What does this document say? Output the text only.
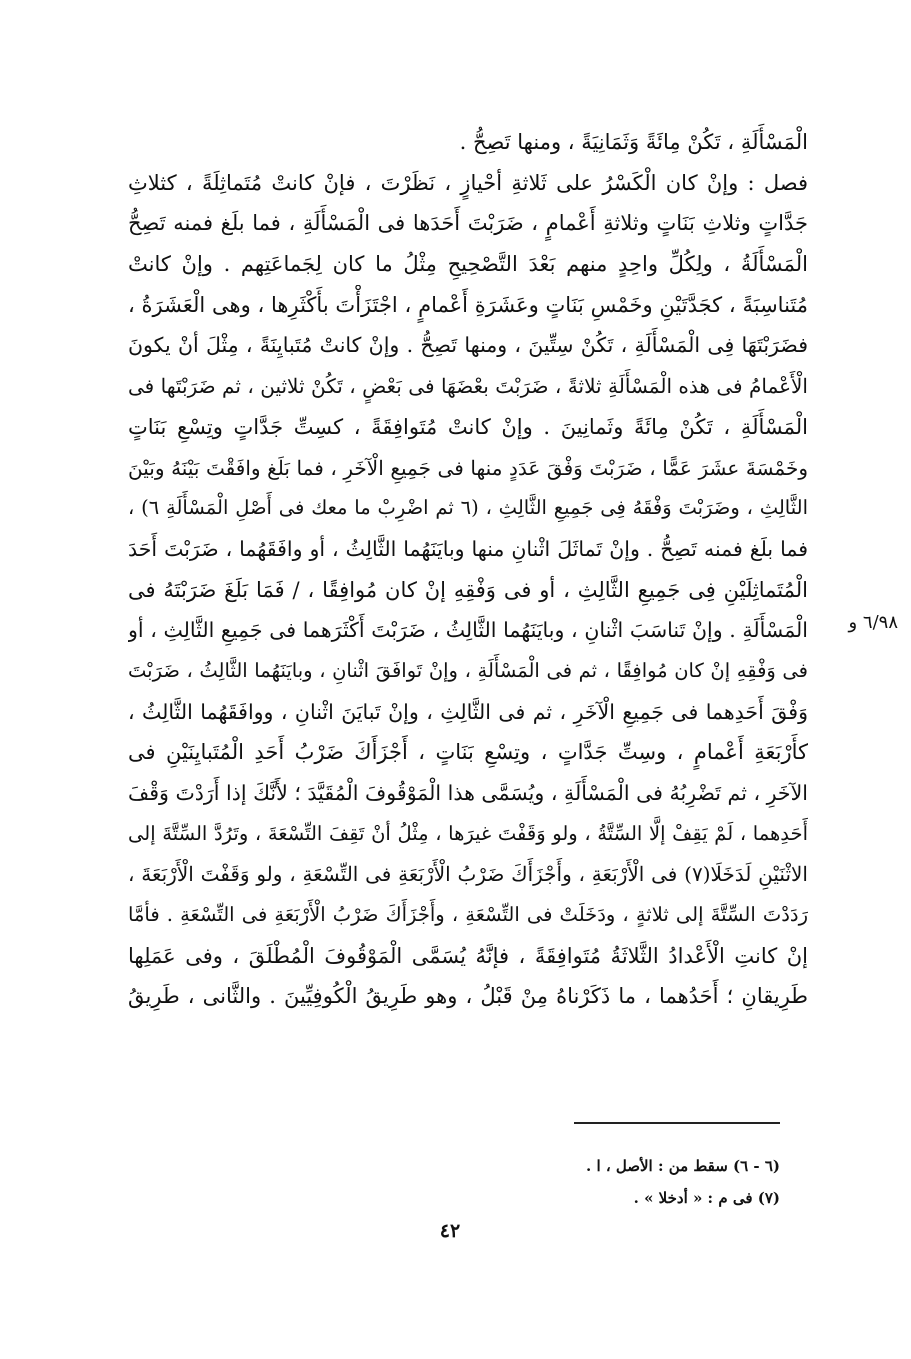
الْمَسْأَلَةِ ، تَكُنْ مِائَةً وَثَمَانِيَةً ، ومنها تَصِحُّ .
فصل : وإنْ كان الْكَسْرُ على ثَلاثةِ أحْيازٍ ، نَظَرْتَ ، فإنْ كانتْ مُتَماثِلَةً ، كثلاثِ
جَدَّاتٍ وثلاثِ بَنَاتٍ وثلاثةِ أَعْمامٍ ، ضَرَبْتَ أَحَدَها فى الْمَسْأَلَةِ ، فما بلَغ فمنه تَصِحُّ
الْمَسْأَلَةُ ، ولِكُلِّ واحِدٍ منهم بَعْدَ التَّصْحِيحِ مِثْلُ ما كان لِجَماعَتِهم . وإنْ كانتْ
مُتَناسِبَةً ، كجَدَّتَيْنِ وخَمْسِ بَنَاتٍ وعَشَرَةِ أَعْمامٍ ، اجْتَزَأْتَ بأَكْثَرِها ، وهى الْعَشَرَةُ ،
فضَرَبْتَهَا فِى الْمَسْأَلَةِ ، تَكُنْ سِتِّينَ ، ومنها تَصِحُّ . وإنْ كانتْ مُتَبايِنَةً ، مِثْلَ أنْ يكونَ
الْأَعْمامُ فى هذه الْمَسْأَلَةِ ثلاثةً ، ضَرَبْتَ بعْضَهَا فى بَعْضٍ ، تَكُنْ ثلاثين ، ثم ضَرَبْتَها فى
الْمَسْأَلَةِ ، تَكُنْ مِائَةً وثَمانِينَ . وإنْ كانتْ مُتَوافِقَةً ، كسِتِّ جَدَّاتٍ وتِسْعِ بَنَاتٍ
وخَمْسَةَ عشَرَ عَمًّا ، ضَرَبْتَ وَفْقَ عَدَدٍ منها فى جَمِيعِ الْآخَرِ ، فما بَلَغ وافَقْتَ بَيْنَهُ وبَيْنَ
الثَّالِثِ ، وضَرَبْتَ وَفْقَهُ فِى جَمِيعِ الثَّالِثِ ، (٦ ثم اضْرِبْ ما معك فى أَصْلِ الْمَسْأَلَةِ ٦) ،
فما بلَغ فمنه تَصِحُّ . وإنْ تَماثَلَ اثْنانِ منها وبايَنَهُما الثَّالِثُ ، أو وافَقَهُما ، ضَرَبْتَ أَحَدَ
الْمُتَماثِلَيْنِ فِى جَمِيعِ الثَّالِثِ ، أو فى وَفْقِهِ إنْ كان مُوافِقًا ، / فَمَا بَلَغَ ضَرَبْتَهُ فى
الْمَسْأَلَةِ . وإنْ تَناسَبَ اثْنانِ ، وبايَنَهُما الثَّالِثُ ، ضَرَبْتَ أَكْثَرَهما فى جَمِيعِ الثَّالِثِ ، أو
فى وَفْقِهِ إنْ كان مُوافِقًا ، ثم فى الْمَسْأَلَةِ ، وإنْ تَوافَقَ اثْنانِ ، وبايَنَهُما الثَّالِثُ ، ضَرَبْتَ
وَفْقَ أَحَدِهما فى جَمِيعِ الْآخَرِ ، ثم فى الثَّالِثِ ، وإنْ تَبايَنَ اثْنانِ ، ووافَقَهُما الثَّالِثُ ،
كأَرْبَعَةِ أَعْمامٍ ، وسِتِّ جَدَّاتٍ ، وتِسْعِ بَنَاتٍ ، أَجْزَأَكَ ضَرْبُ أَحَدِ الْمُتَبايِنَيْنِ فى
الآخَرِ ، ثم تَضْرِبُهُ فى الْمَسْأَلَةِ ، ويُسَمَّى هذا الْمَوْقُوفَ الْمُقَيَّدَ ؛ لأَنَّكَ إذا أَرَدْتَ وَقْفَ
أَحَدِهما ، لَمْ يَقِفْ إلَّا السِّتَّةُ ، ولو وَقَفْتَ غيرَها ، مِثْلُ أنْ تَقِفَ التِّسْعَةَ ، وتَرُدَّ السِّتَّةَ إلى
الاثْنَيْنِ لَدَخَلَا(٧) فى الْأَرْبَعَةِ ، وأَجْزَأَكَ ضَرْبُ الْأَرْبَعَةِ فى التِّسْعَةِ ، ولو وَقَفْتَ الْأَرْبَعَةَ ،
رَدَدْتَ السِّتَّةَ إلى ثلاثةٍ ، ودَخَلَتْ فى التِّسْعَةِ ، وأَجْزَأَكَ ضَرْبُ الْأَرْبَعَةِ فى التِّسْعَةِ . فأمَّا
إنْ كانتِ الْأَعْدادُ الثَّلاثَةُ مُتَوافِقَةً ، فإنَّهُ يُسَمَّى الْمَوْقُوفَ الْمُطْلَقَ ، وفى عَمَلِها
طَرِيقانِ ؛ أَحَدُهما ، ما ذَكَرْناهُ مِنْ قَبْلُ ، وهو طَرِيقُ الْكُوفِيِّينَ . والثَّانى ، طَرِيقُ
٦/٩٨ و
(٦ - ٦) سقط من : الأصل ، ا .
(٧) فى م : « أدخلا » .
٤٢
